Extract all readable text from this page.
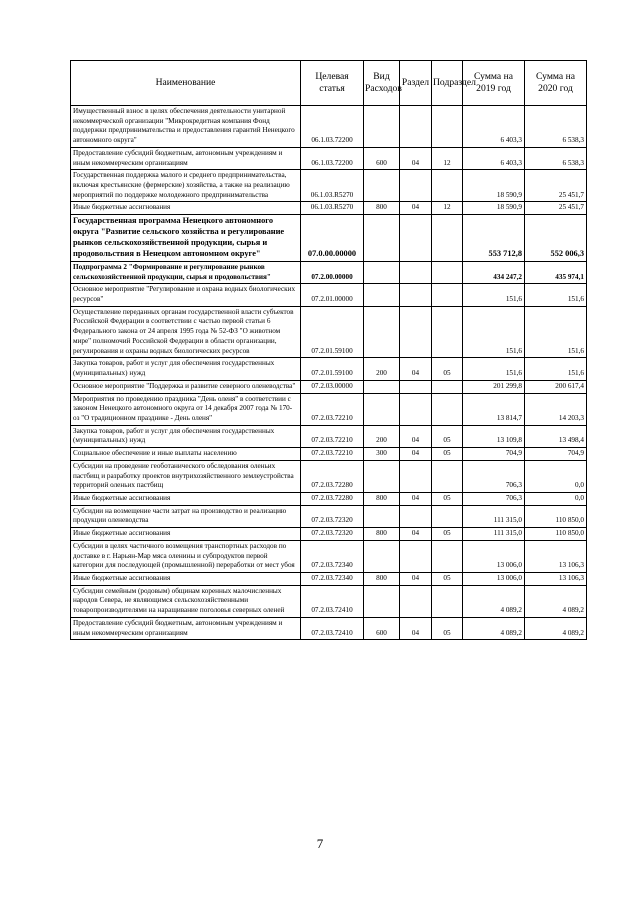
Наименование	Целевая статья	Вид Расходов	Раздел	Подраздел	Сумма на 2019 год	Сумма на 2020 год
Имущественный взнос в целях обеспечения деятельности унитарной некоммерческой организации "Микрокредитная компания Фонд поддержки предпринимательства и предоставления гарантий Ненецкого автономного округа"	06.1.03.72200				6 403,3	6 538,3
Предоставление субсидий бюджетным, автономным учреждениям и иным некоммерческим организациям	06.1.03.72200	600	04	12	6 403,3	6 538,3
Государственная поддержка малого и среднего предпринимательства, включая крестьянские (фермерские) хозяйства, а также на реализацию мероприятий по поддержке молодежного предпринимательства	06.1.03.R5270				18 590,9	25 451,7
Иные бюджетные ассигнования	06.1.03.R5270	800	04	12	18 590,9	25 451,7
Государственная программа Ненецкого автономного округа "Развитие сельского хозяйства и регулирование рынков сельскохозяйственной продукции, сырья и продовольствия в Ненецком автономном округе"	07.0.00.00000				553 712,8	552 006,3
Подпрограмма 2 "Формирование и регулирование рынков сельскохозяйственной продукции, сырья и продовольствия"	07.2.00.00000				434 247,2	435 974,1
Основное мероприятие "Регулирование и охрана водных биологических ресурсов"	07.2.01.00000				151,6	151,6
Осуществление переданных органам государственной власти субъектов Российской Федерации в соответствии с частью первой статьи 6 Федерального закона от 24 апреля 1995 года № 52-ФЗ "О животном мире" полномочий Российской Федерации в области организации, регулирования и охраны водных биологических ресурсов	07.2.01.59100				151,6	151,6
Закупка товаров, работ и услуг для обеспечения государственных (муниципальных) нужд	07.2.01.59100	200	04	05	151,6	151,6
Основное мероприятие "Поддержка и развитие северного оленеводства"	07.2.03.00000				201 299,8	200 617,4
Мероприятия по проведению праздника "День оленя" в соответствии с законом Ненецкого автономного округа от 14 декабря 2007 года № 170-оз "О традиционном празднике - День оленя"	07.2.03.72210				13 814,7	14 203,3
Закупка товаров, работ и услуг для обеспечения государственных (муниципальных) нужд	07.2.03.72210	200	04	05	13 109,8	13 498,4
Социальное обеспечение и иные выплаты населению	07.2.03.72210	300	04	05	704,9	704,9
Субсидии на проведение геоботанического обследования оленьих пастбищ и разработку проектов внутрихозяйственного землеустройства территорий оленьих пастбищ	07.2.03.72280				706,3	0,0
Иные бюджетные ассигнования	07.2.03.72280	800	04	05	706,3	0,0
Субсидии на возмещение части затрат на производство и реализацию продукции оленеводства	07.2.03.72320				111 315,0	110 850,0
Иные бюджетные ассигнования	07.2.03.72320	800	04	05	111 315,0	110 850,0
Субсидии в целях частичного возмещения транспортных расходов по доставке в г. Нарьян-Мар мяса оленины и субпродуктов первой категории для последующей (промышленной) переработки от мест убоя	07.2.03.72340				13 006,0	13 106,3
Иные бюджетные ассигнования	07.2.03.72340	800	04	05	13 006,0	13 106,3
Субсидии семейным (родовым) общинам коренных малочисленных народов Севера, не являющимся сельскохозяйственными товаропроизводителями на наращивание поголовья северных оленей	07.2.03.72410				4 089,2	4 089,2
Предоставление субсидий бюджетным, автономным учреждениям и иным некоммерческим организациям	07.2.03.72410	600	04	05	4 089,2	4 089,2
7
